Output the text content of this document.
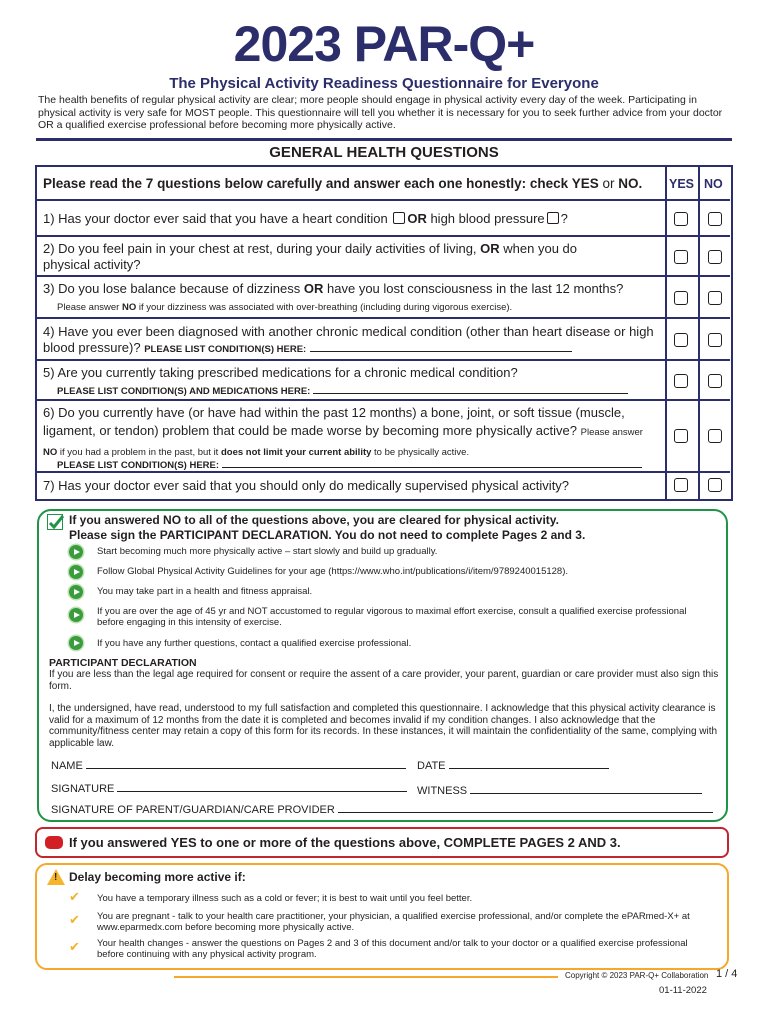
2023 PAR-Q+
The Physical Activity Readiness Questionnaire for Everyone
The health benefits of regular physical activity are clear; more people should engage in physical activity every day of the week. Participating in physical activity is very safe for MOST people. This questionnaire will tell you whether it is necessary for you to seek further advice from your doctor OR a qualified exercise professional before becoming more physically active.
GENERAL HEALTH QUESTIONS
Please read the 7 questions below carefully and answer each one honestly: check YES or NO.	YES NO
1) Has your doctor ever said that you have a heart condition OR high blood pressure ?
2) Do you feel pain in your chest at rest, during your daily activities of living, OR when you do physical activity?
3) Do you lose balance because of dizziness OR have you lost consciousness in the last 12 months?
Please answer NO if your dizziness was associated with over-breathing (including during vigorous exercise).
4) Have you ever been diagnosed with another chronic medical condition (other than heart disease or high blood pressure)? PLEASE LIST CONDITION(S) HERE:
5) Are you currently taking prescribed medications for a chronic medical condition?
PLEASE LIST CONDITION(S) AND MEDICATIONS HERE:
6) Do you currently have (or have had within the past 12 months) a bone, joint, or soft tissue (muscle, ligament, or tendon) problem that could be made worse by becoming more physically active? Please answer NO if you had a problem in the past, but it does not limit your current ability to be physically active.
PLEASE LIST CONDITION(S) HERE:
7) Has your doctor ever said that you should only do medically supervised physical activity?
If you answered NO to all of the questions above, you are cleared for physical activity.
Please sign the PARTICIPANT DECLARATION. You do not need to complete Pages 2 and 3.
Start becoming much more physically active – start slowly and build up gradually.
Follow Global Physical Activity Guidelines for your age (https://www.who.int/publications/i/item/9789240015128).
You may take part in a health and fitness appraisal.
If you are over the age of 45 yr and NOT accustomed to regular vigorous to maximal effort exercise, consult a qualified exercise professional before engaging in this intensity of exercise.
If you have any further questions, contact a qualified exercise professional.
PARTICIPANT DECLARATION
If you are less than the legal age required for consent or require the assent of a care provider, your parent, guardian or care provider must also sign this form.
I, the undersigned, have read, understood to my full satisfaction and completed this questionnaire. I acknowledge that this physical activity clearance is valid for a maximum of 12 months from the date it is completed and becomes invalid if my condition changes. I also acknowledge that the community/fitness center may retain a copy of this form for its records. In these instances, it will maintain the confidentiality of the same, complying with applicable law.
NAME	DATE
SIGNATURE	WITNESS
SIGNATURE OF PARENT/GUARDIAN/CARE PROVIDER
If you answered YES to one or more of the questions above, COMPLETE PAGES 2 AND 3.
! Delay becoming more active if:
✔ You have a temporary illness such as a cold or fever; it is best to wait until you feel better.
✔ You are pregnant - talk to your health care practitioner, your physician, a qualified exercise professional, and/or complete the ePARmed-X+ at www.eparmedx.com before becoming more physically active.
✔ Your health changes - answer the questions on Pages 2 and 3 of this document and/or talk to your doctor or a qualified exercise professional before continuing with any physical activity program.
Copyright © 2023 PAR-Q+ Collaboration 1 / 4
01-11-2022
